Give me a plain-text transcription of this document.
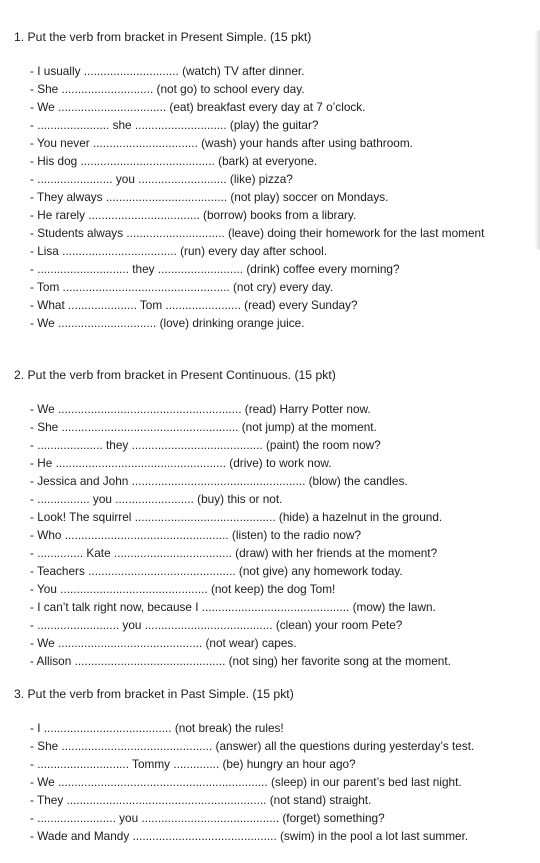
1. Put the verb from bracket in Present Simple. (15 pkt)
- I usually ............................. (watch) TV after dinner.
- She ............................ (not go) to school every day.
- We ................................. (eat) breakfast every day at 7 o’clock.
- ...................... she ............................ (play) the guitar?
- You never ................................ (wash) your hands after using bathroom.
- His dog ......................................... (bark) at everyone.
- ....................... you ........................... (like) pizza?
- They always ..................................... (not play) soccer on Mondays.
- He rarely .................................. (borrow) books from a library.
- Students always .............................. (leave) doing their homework for the last moment
- Lisa ................................... (run) every day after school.
- ............................ they .......................... (drink) coffee every morning?
- Tom ................................................... (not cry) every day.
- What ..................... Tom ....................... (read) every Sunday?
- We .............................. (love) drinking orange juice.
2. Put the verb from bracket in Present Continuous. (15 pkt)
- We ........................................................ (read) Harry Potter now.
- She ...................................................... (not jump) at the moment.
- .................... they ........................................ (paint) the room now?
- He .................................................... (drive) to work now.
- Jessica and John ..................................................... (blow) the candles.
- ................ you ........................ (buy) this or not.
- Look! The squirrel ........................................... (hide) a hazelnut in the ground.
- Who .................................................. (listen) to the radio now?
- .............. Kate .................................... (draw) with her friends at the moment?
- Teachers ............................................. (not give) any homework today.
- You ............................................. (not keep) the dog Tom!
- I can’t talk right now, because I ............................................. (mow) the lawn.
- ......................... you ....................................... (clean) your room Pete?
- We ............................................ (not wear) capes.
- Allison .............................................. (not sing) her favorite song at the moment.
3. Put the verb from bracket in Past Simple. (15 pkt)
- I ....................................... (not break) the rules!
- She .............................................. (answer) all the questions during yesterday’s test.
- ............................ Tommy .............. (be) hungry an hour ago?
- We ................................................................ (sleep) in our parent’s bed last night.
- They ............................................................. (not stand) straight.
- ........................ you .......................................... (forget) something?
- Wade and Mandy ............................................ (swim) in the pool a lot last summer.
